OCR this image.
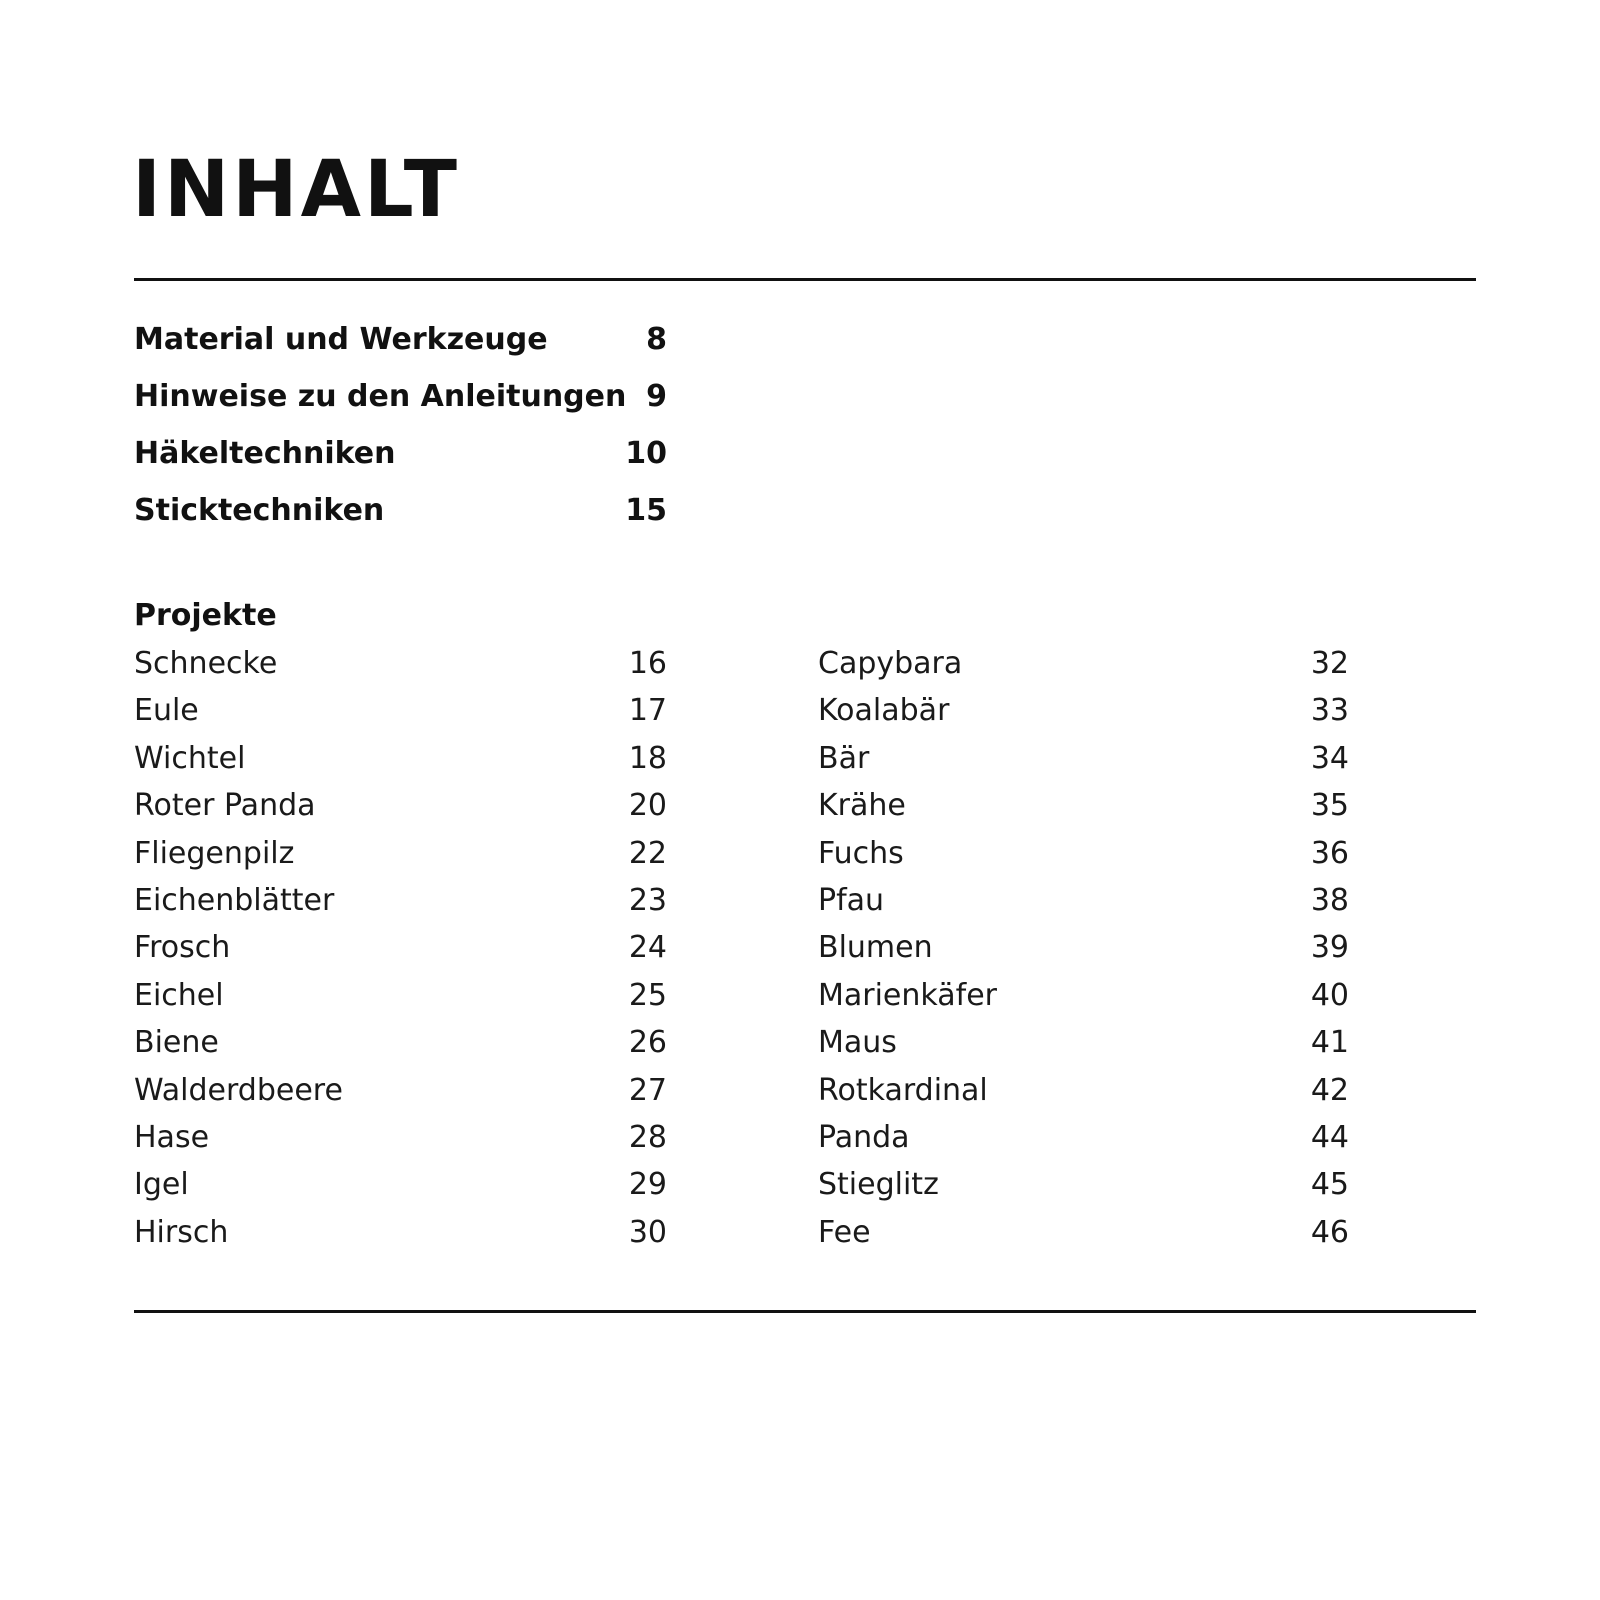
INHALT
Material und Werkzeuge	8
Hinweise zu den Anleitungen 9
Häkeltechniken	10
Sticktechniken	15
Projekte
Schnecke	16
Eule	17
Wichtel	18
Roter Panda	20
Fliegenpilz	22
Eichenblätter	23
Frosch	24
Eichel	25
Biene	26
Walderdbeere	27
Hase	28
Igel	29
Hirsch	30
Capybara	32
Koalabär	33
Bär	34
Krähe	35
Fuchs	36
Pfau	38
Blumen	39
Marienkäfer	40
Maus	41
Rotkardinal	42
Panda	44
Stieglitz	45
Fee	46
